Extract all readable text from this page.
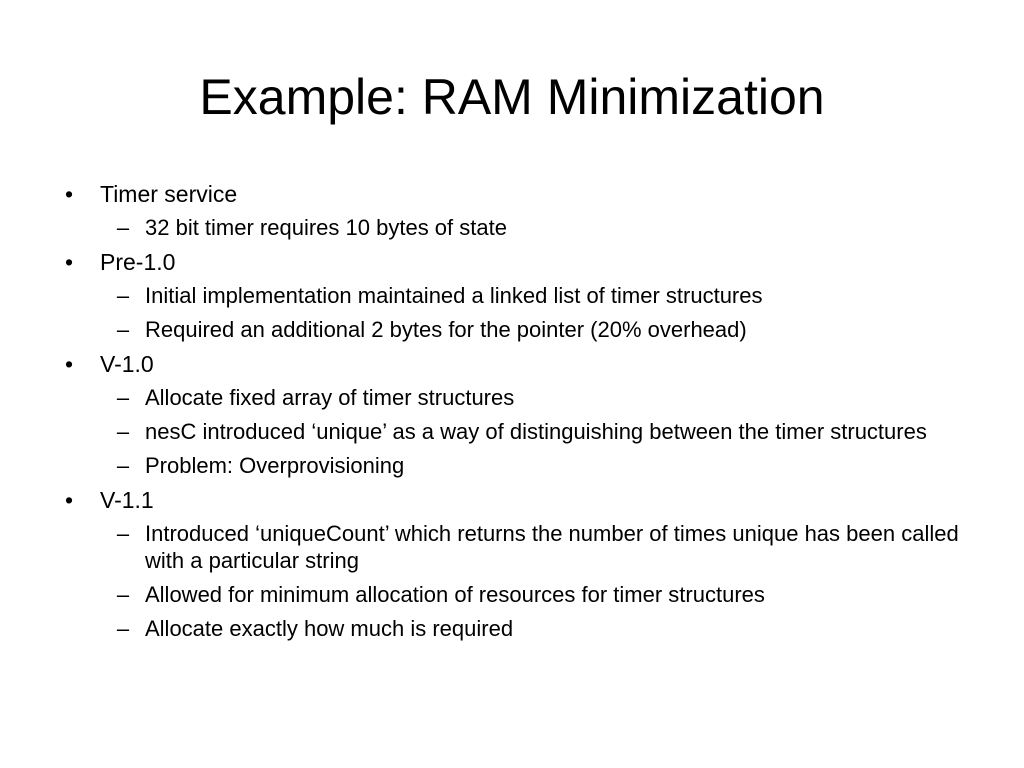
Example: RAM Minimization
• Timer service
– 32 bit timer requires 10 bytes of state
• Pre-1.0
– Initial implementation maintained a linked list of timer structures
– Required an additional 2 bytes for the pointer (20% overhead)
• V-1.0
– Allocate fixed array of timer structures
– nesC introduced ‘unique’ as a way of distinguishing between the timer structures
– Problem: Overprovisioning
• V-1.1
– Introduced ‘uniqueCount’ which returns the number of times unique has been called with a particular string
– Allowed for minimum allocation of resources for timer structures
– Allocate exactly how much is required
